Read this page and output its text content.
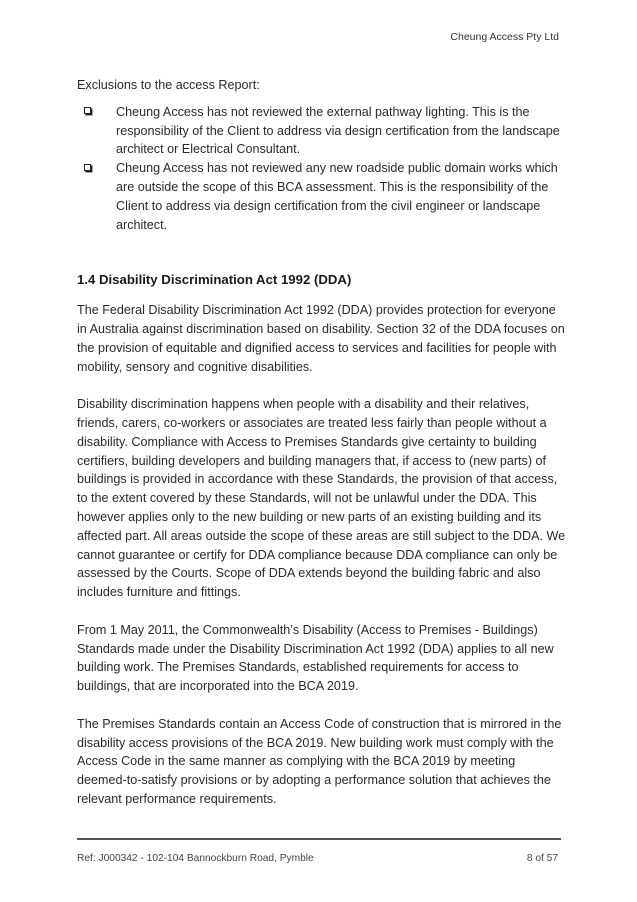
Cheung Access Pty Ltd

Exclusions to the access Report:

Cheung Access has not reviewed the external pathway lighting. This is the responsibility of the Client to address via design certification from the landscape architect or Electrical Consultant.
Cheung Access has not reviewed any new roadside public domain works which are outside the scope of this BCA assessment. This is the responsibility of the Client to address via design certification from the civil engineer or landscape architect.
1.4 Disability Discrimination Act 1992 (DDA)

The Federal Disability Discrimination Act 1992 (DDA) provides protection for everyone in Australia against discrimination based on disability. Section 32 of the DDA focuses on the provision of equitable and dignified access to services and facilities for people with mobility, sensory and cognitive disabilities.

Disability discrimination happens when people with a disability and their relatives, friends, carers, co-workers or associates are treated less fairly than people without a disability. Compliance with Access to Premises Standards give certainty to building certifiers, building developers and building managers that, if access to (new parts) of buildings is provided in accordance with these Standards, the provision of that access, to the extent covered by these Standards, will not be unlawful under the DDA. This however applies only to the new building or new parts of an existing building and its affected part. All areas outside the scope of these areas are still subject to the DDA. We cannot guarantee or certify for DDA compliance because DDA compliance can only be assessed by the Courts. Scope of DDA extends beyond the building fabric and also includes furniture and fittings.

From 1 May 2011, the Commonwealth’s Disability (Access to Premises - Buildings) Standards made under the Disability Discrimination Act 1992 (DDA) applies to all new building work. The Premises Standards, established requirements for access to buildings, that are incorporated into the BCA 2019.

The Premises Standards contain an Access Code of construction that is mirrored in the disability access provisions of the BCA 2019. New building work must comply with the Access Code in the same manner as complying with the BCA 2019 by meeting deemed-to-satisfy provisions or by adopting a performance solution that achieves the relevant performance requirements.

Ref: J000342 - 102-104 Bannockburn Road, Pymble	8 of 57
